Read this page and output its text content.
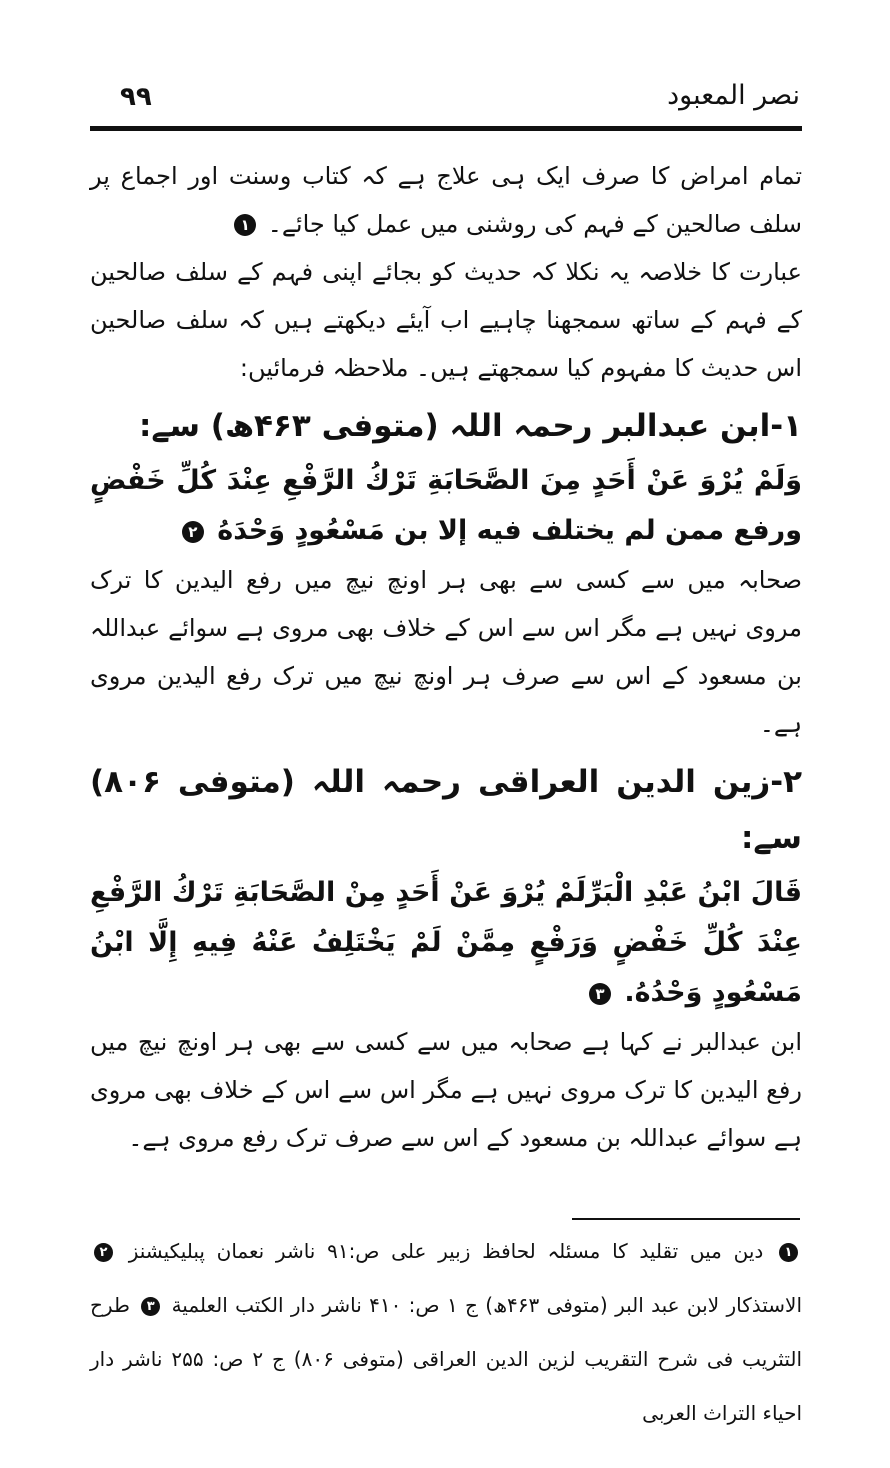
۹۹	نصر المعبود

تمام امراض کا صرف ایک ہی علاج ہے کہ کتاب وسنت اور اجماع پر سلف صالحین کے فہم کی روشنی میں عمل کیا جائے۔ ۱

عبارت کا خلاصہ یہ نکلا کہ حدیث کو بجائے اپنی فہم کے سلف صالحین کے فہم کے ساتھ سمجھنا چاہیے اب آیئے دیکھتے ہیں کہ سلف صالحین اس حدیث کا مفہوم کیا سمجھتے ہیں۔ ملاحظہ فرمائیں:

۱-ابن عبدالبر رحمہ اللہ (متوفی ۴۶۳ھ) سے:

وَلَمْ يُرْوَ عَنْ أَحَدٍ مِنَ الصَّحَابَةِ تَرْكُ الرَّفْعِ عِنْدَ كُلِّ خَفْضٍ ورفع ممن لم يختلف فيه إلا بن مَسْعُودٍ وَحْدَهُ ۲

صحابہ میں سے کسی سے بھی ہر اونچ نیچ میں رفع الیدین کا ترک مروی نہیں ہے مگر اس سے اس کے خلاف بھی مروی ہے سوائے عبداللہ بن مسعود کے اس سے صرف ہر اونچ نیچ میں ترک رفع الیدین مروی ہے۔

۲-زین الدین العراقی رحمہ اللہ (متوفی ۸۰۶) سے:

قَالَ ابْنُ عَبْدِ الْبَرِّلَمْ يُرْوَ عَنْ أَحَدٍ مِنْ الصَّحَابَةِ تَرْكُ الرَّفْعِ عِنْدَ كُلِّ خَفْضٍ وَرَفْعٍ مِمَّنْ لَمْ يَخْتَلِفُ عَنْهُ فِيهِ إِلَّا ابْنُ مَسْعُودٍ وَحْدُهُ. ۳

ابن عبدالبر نے کہا ہے صحابہ میں سے کسی سے بھی ہر اونچ نیچ میں رفع الیدین کا ترک مروی نہیں ہے مگر اس سے اس کے خلاف بھی مروی ہے سوائے عبداللہ بن مسعود کے اس سے صرف ترک رفع مروی ہے۔

۱ دین میں تقلید کا مسئلہ لحافظ زبیر علی ص:۹۱ ناشر نعمان پبلیکیشنز ۲ الاستذکار لابن عبد البر (متوفی ۴۶۳ھ) ج ۱ ص: ۴۱۰ ناشر دار الکتب العلمیة ۳ طرح التثریب فی شرح التقریب لزین الدین العراقی (متوفی ۸۰۶) ج ۲ ص: ۲۵۵ ناشر دار احیاء التراث العربی
